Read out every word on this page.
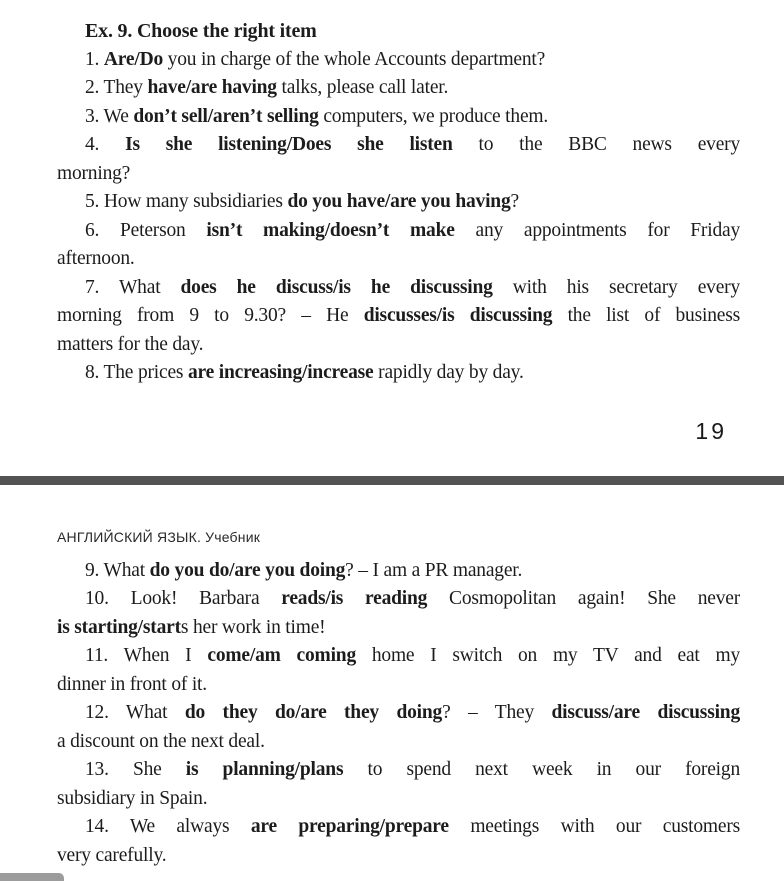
Ex. 9. Choose the right item
1. Are/Do you in charge of the whole Accounts department?
2. They have/are having talks, please call later.
3. We don’t sell/aren’t selling computers, we produce them.
4. Is she listening/Does she listen to the BBC news every
morning?
5. How many subsidiaries do you have/are you having?
6. Peterson isn’t making/doesn’t make any appointments for Friday
afternoon.
7. What does he discuss/is he discussing with his secretary every
morning from 9 to 9.30? – He discusses/is discussing the list of business
matters for the day.
8. The prices are increasing/increase rapidly day by day.
19
АНГЛИЙСКИЙ ЯЗЫК. Учебник
9. What do you do/are you doing? – I am a PR manager.
10. Look! Barbara reads/is reading Cosmopolitan again! She never
is starting/starts her work in time!
11. When I come/am coming home I switch on my TV and eat my
dinner in front of it.
12. What do they do/are they doing? – They discuss/are discussing
a discount on the next deal.
13. She is planning/plans to spend next week in our foreign
subsidiary in Spain.
14. We always are preparing/prepare meetings with our customers
very carefully.
